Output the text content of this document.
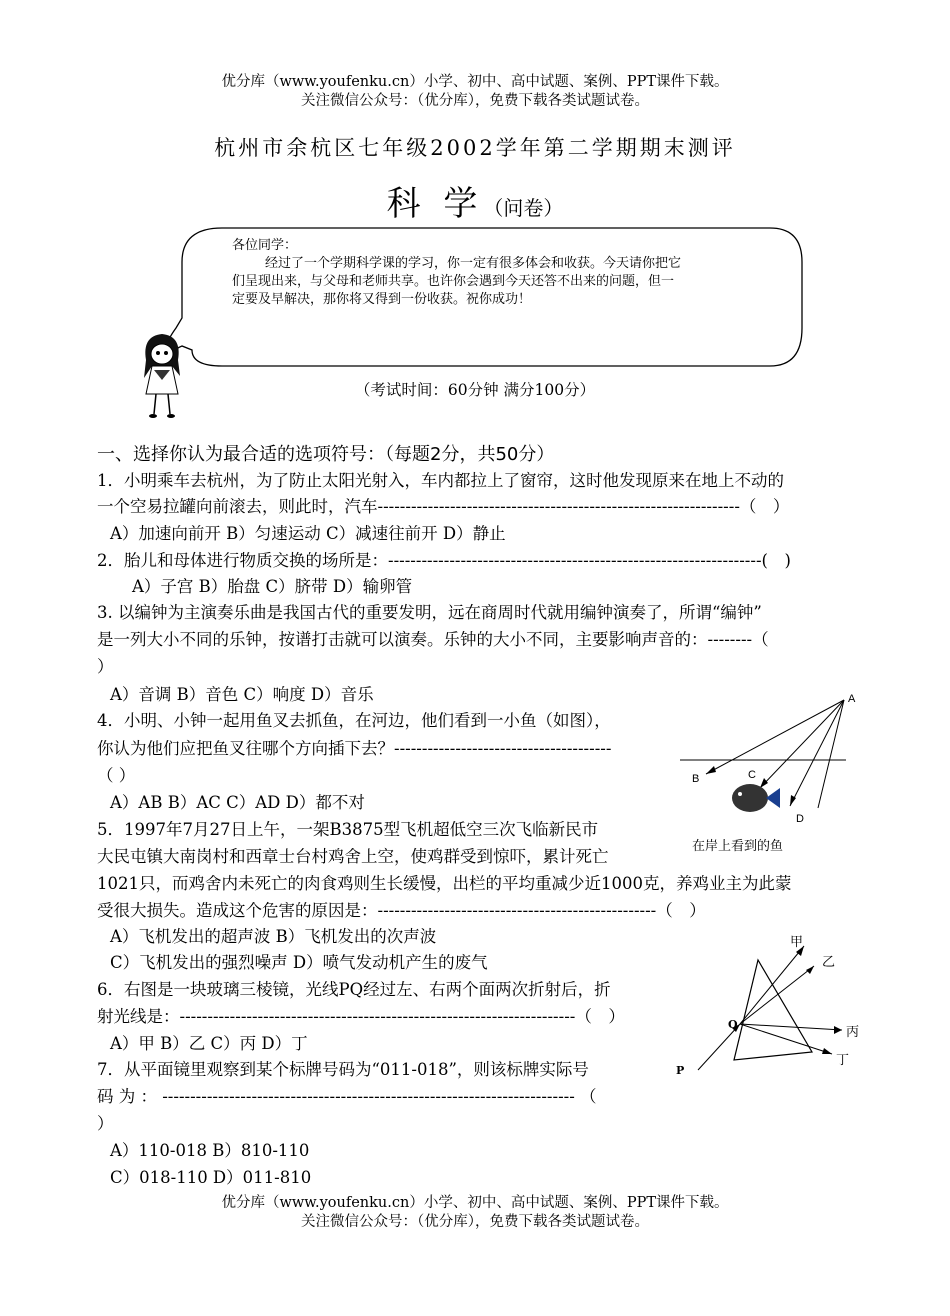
优分库（www.youfenku.cn）小学、初中、高中试题、案例、PPT课件下载。
关注微信公众号：（优分库），免费下载各类试题试卷。
杭州市余杭区七年级2002学年第二学期期末测评
科 学（问卷）
各位同学：
经过了一个学期科学课的学习，你一定有很多体会和收获。今天请你把它
们呈现出来，与父母和老师共享。也许你会遇到今天还答不出来的问题，但一
定要及早解决，那你将又得到一份收获。祝你成功！
（考试时间：60分钟 满分100分）
一、选择你认为最合适的选项符号：（每题2分，共50分）
1．小明乘车去杭州，为了防止太阳光射入，车内都拉上了窗帘，这时他发现原来在地上不动的
一个空易拉罐向前滚去，则此时，汽车-----------------------------------------------------------------（　）
A）加速向前开 B）匀速运动 C）减速往前开 D）静止
2．胎儿和母体进行物质交换的场所是：-------------------------------------------------------------------(　)
A）子宫 B）胎盘 C）脐带 D）输卵管
3. 以编钟为主演奏乐曲是我国古代的重要发明，远在商周时代就用编钟演奏了，所谓“编钟”
是一列大小不同的乐钟，按谱打击就可以演奏。乐钟的大小不同，主要影响声音的：--------（
）
A）音调 B）音色 C）响度 D）音乐
4．小明、小钟一起用鱼叉去抓鱼，在河边，他们看到一小鱼（如图），
你认为他们应把鱼叉往哪个方向插下去？---------------------------------------
（ ）
A）AB B）AC C）AD D）都不对
A
B	C
D
在岸上看到的鱼
5．1997年7月27日上午，一架B3875型飞机超低空三次飞临新民市
大民屯镇大南岗村和西章士台村鸡舍上空，使鸡群受到惊吓，累计死亡
1021只，而鸡舍内未死亡的肉食鸡则生长缓慢，出栏的平均重减少近1000克，养鸡业主为此蒙
受很大损失。造成这个危害的原因是：--------------------------------------------------（　）
A）飞机发出的超声波 B）飞机发出的次声波
C）飞机发出的强烈噪声 D）喷气发动机产生的废气
甲
乙
丙
丁
Q
P
6．右图是一块玻璃三棱镜，光线PQ经过左、右两个面两次折射后，折
射光线是：-----------------------------------------------------------------------（　）
A）甲 B）乙 C）丙 D）丁
7．从平面镜里观察到某个标牌号码为“011-018”，则该标牌实际号
码 为 ： -------------------------------------------------------------------------- （
）
A）110-018 B）810-110
C）018-110 D）011-810
优分库（www.youfenku.cn）小学、初中、高中试题、案例、PPT课件下载。
关注微信公众号：（优分库），免费下载各类试题试卷。
